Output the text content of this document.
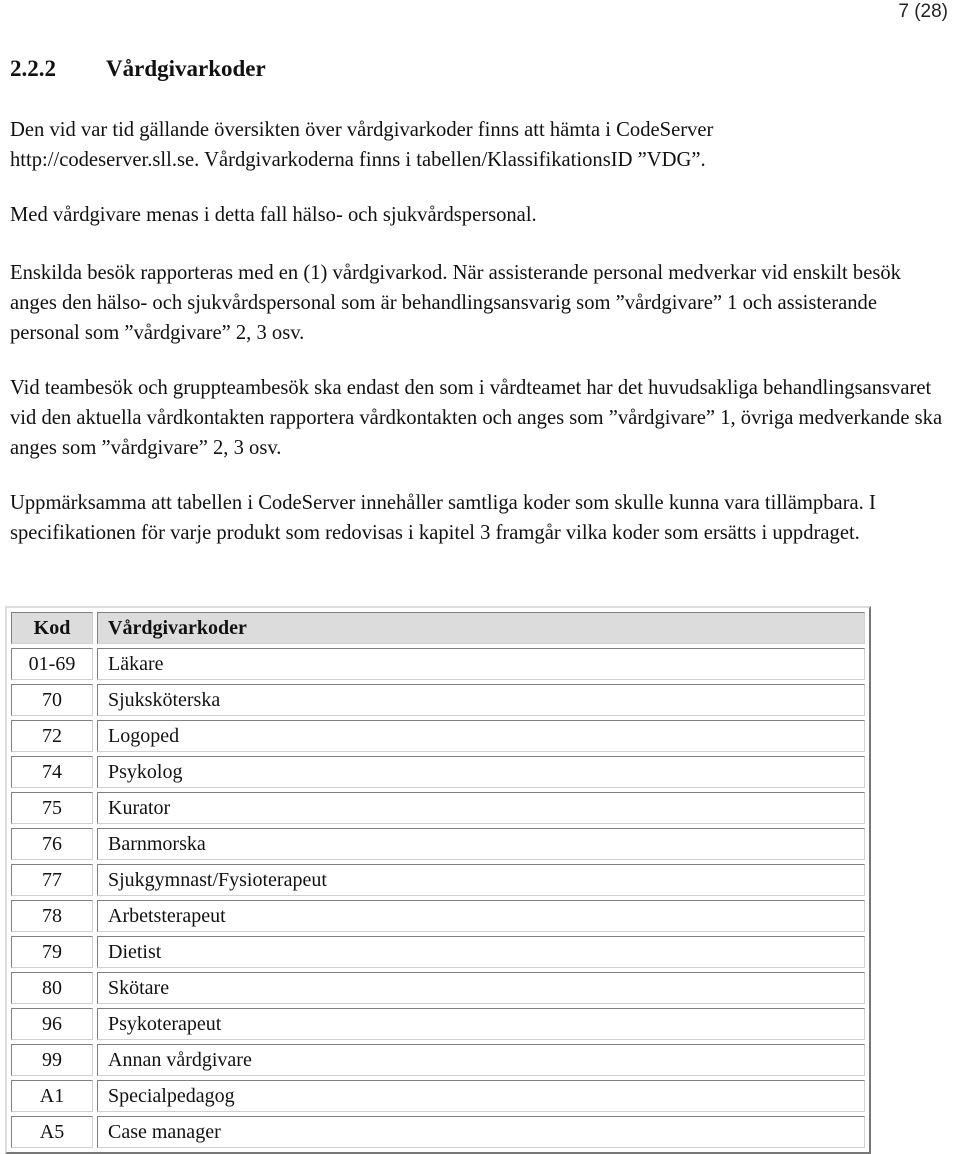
7 (28)
2.2.2 Vårdgivarkoder

Den vid var tid gällande översikten över vårdgivarkoder finns att hämta i CodeServer
http://codeserver.sll.se. Vårdgivarkoderna finns i tabellen/KlassifikationsID ”VDG”.

Med vårdgivare menas i detta fall hälso- och sjukvårdspersonal.

Enskilda besök rapporteras med en (1) vårdgivarkod. När assisterande personal medverkar vid enskilt besök anges den hälso- och sjukvårdspersonal som är behandlingsansvarig som ”vårdgivare” 1 och assisterande personal som ”vårdgivare” 2, 3 osv.

Vid teambesök och gruppteambesök ska endast den som i vårdteamet har det huvudsakliga behandlingsansvaret vid den aktuella vårdkontakten rapportera vårdkontakten och anges som ”vårdgivare” 1, övriga medverkande ska anges som ”vårdgivare” 2, 3 osv.

Uppmärksamma att tabellen i CodeServer innehåller samtliga koder som skulle kunna vara tillämpbara. I specifikationen för varje produkt som redovisas i kapitel 3 framgår vilka koder som ersätts i uppdraget.

Kod	Vårdgivarkoder
01-69	Läkare
70	Sjuksköterska
72	Logoped
74	Psykolog
75	Kurator
76	Barnmorska
77	Sjukgymnast/Fysioterapeut
78	Arbetsterapeut
79	Dietist
80	Skötare
96	Psykoterapeut
99	Annan vårdgivare
A1	Specialpedagog
A5	Case manager
